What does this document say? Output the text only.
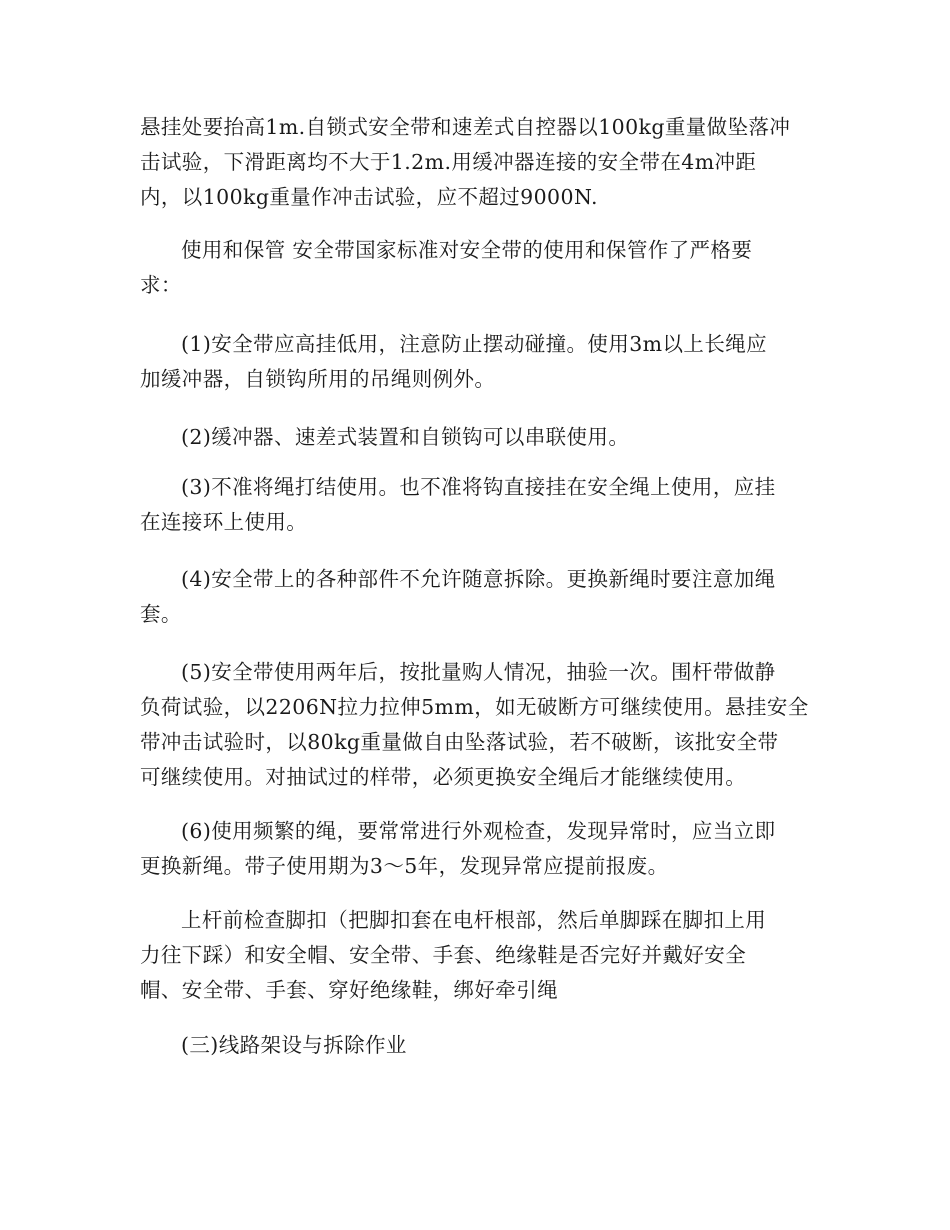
悬挂处要抬高1m.自锁式安全带和速差式自控器以100kg重量做坠落冲
击试验，下滑距离均不大于1.2m.用缓冲器连接的安全带在4m冲距
内，以100kg重量作冲击试验，应不超过9000N.
使用和保管 安全带国家标准对安全带的使用和保管作了严格要
求：
(1)安全带应高挂低用，注意防止摆动碰撞。使用3m以上长绳应
加缓冲器，自锁钩所用的吊绳则例外。
(2)缓冲器、速差式装置和自锁钩可以串联使用。
(3)不准将绳打结使用。也不准将钩直接挂在安全绳上使用，应挂
在连接环上使用。
(4)安全带上的各种部件不允许随意拆除。更换新绳时要注意加绳
套。
(5)安全带使用两年后，按批量购人情况，抽验一次。围杆带做静
负荷试验，以2206N拉力拉伸5mm，如无破断方可继续使用。悬挂安全
带冲击试验时，以80kg重量做自由坠落试验，若不破断，该批安全带
可继续使用。对抽试过的样带，必须更换安全绳后才能继续使用。
(6)使用频繁的绳，要常常进行外观检查，发现异常时，应当立即
更换新绳。带子使用期为3～5年，发现异常应提前报废。
上杆前检查脚扣（把脚扣套在电杆根部，然后单脚踩在脚扣上用
力往下踩）和安全帽、安全带、手套、绝缘鞋是否完好并戴好安全
帽、安全带、手套、穿好绝缘鞋，绑好牵引绳
(三)线路架设与拆除作业
